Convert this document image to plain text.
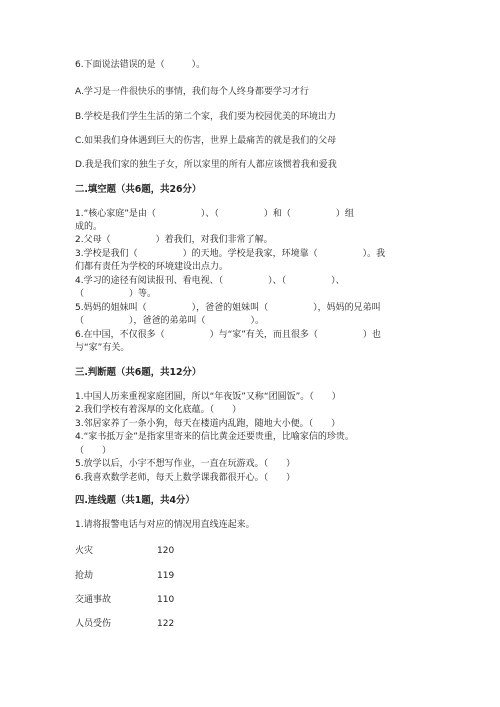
6.下面说法错误的是（　　　）。
A.学习是一件很快乐的事情，我们每个人终身都要学习才行
B.学校是我们学生生活的第二个家，我们要为校园优美的环境出力
C.如果我们身体遇到巨大的伤害，世界上最痛苦的就是我们的父母
D.我是我们家的独生子女，所以家里的所有人都应该惯着我和爱我
二.填空题（共6题，共26分）
1.“核心家庭”是由（　　　　　）、（　　　　　）和（　　　　　）组
成的。
2.父母（　　　　　）着我们，对我们非常了解。
3.学校是我们（　　　　　）的天地。学校是我家，环境靠（　　　　　）。我
们都有责任为学校的环境建设出点力。
4.学习的途径有阅读报刊、看电视、（　　　　　）、（　　　　　）、
（　　　　　）等。
5.妈妈的姐妹叫（　　　　　），爸爸的姐妹叫（　　　　　），妈妈的兄弟叫
（　　　　　），爸爸的弟弟叫（　　　　　）。
6.在中国，不仅很多（　　　　　）与“家”有关，而且很多（　　　　　）也
与“家”有关。
三.判断题（共6题，共12分）
1.中国人历来重视家庭团圆，所以“年夜饭”又称“团圆饭”。（　　）
2.我们学校有着深厚的文化底蕴。（　　）
3.邻居家养了一条小狗，每天在楼道内乱跑，随地大小便。（　　）
4.“家书抵万金”是指家里寄来的信比黄金还要贵重，比喻家信的珍贵。
（　　）
5.放学以后，小宇不想写作业，一直在玩游戏。（　　）
6.我喜欢数学老师，每天上数学课我都很开心。（　　）
四.连线题（共1题，共4分）
1.请将报警电话与对应的情况用直线连起来。
火灾	120
抢劫	119
交通事故	110
人员受伤	122
